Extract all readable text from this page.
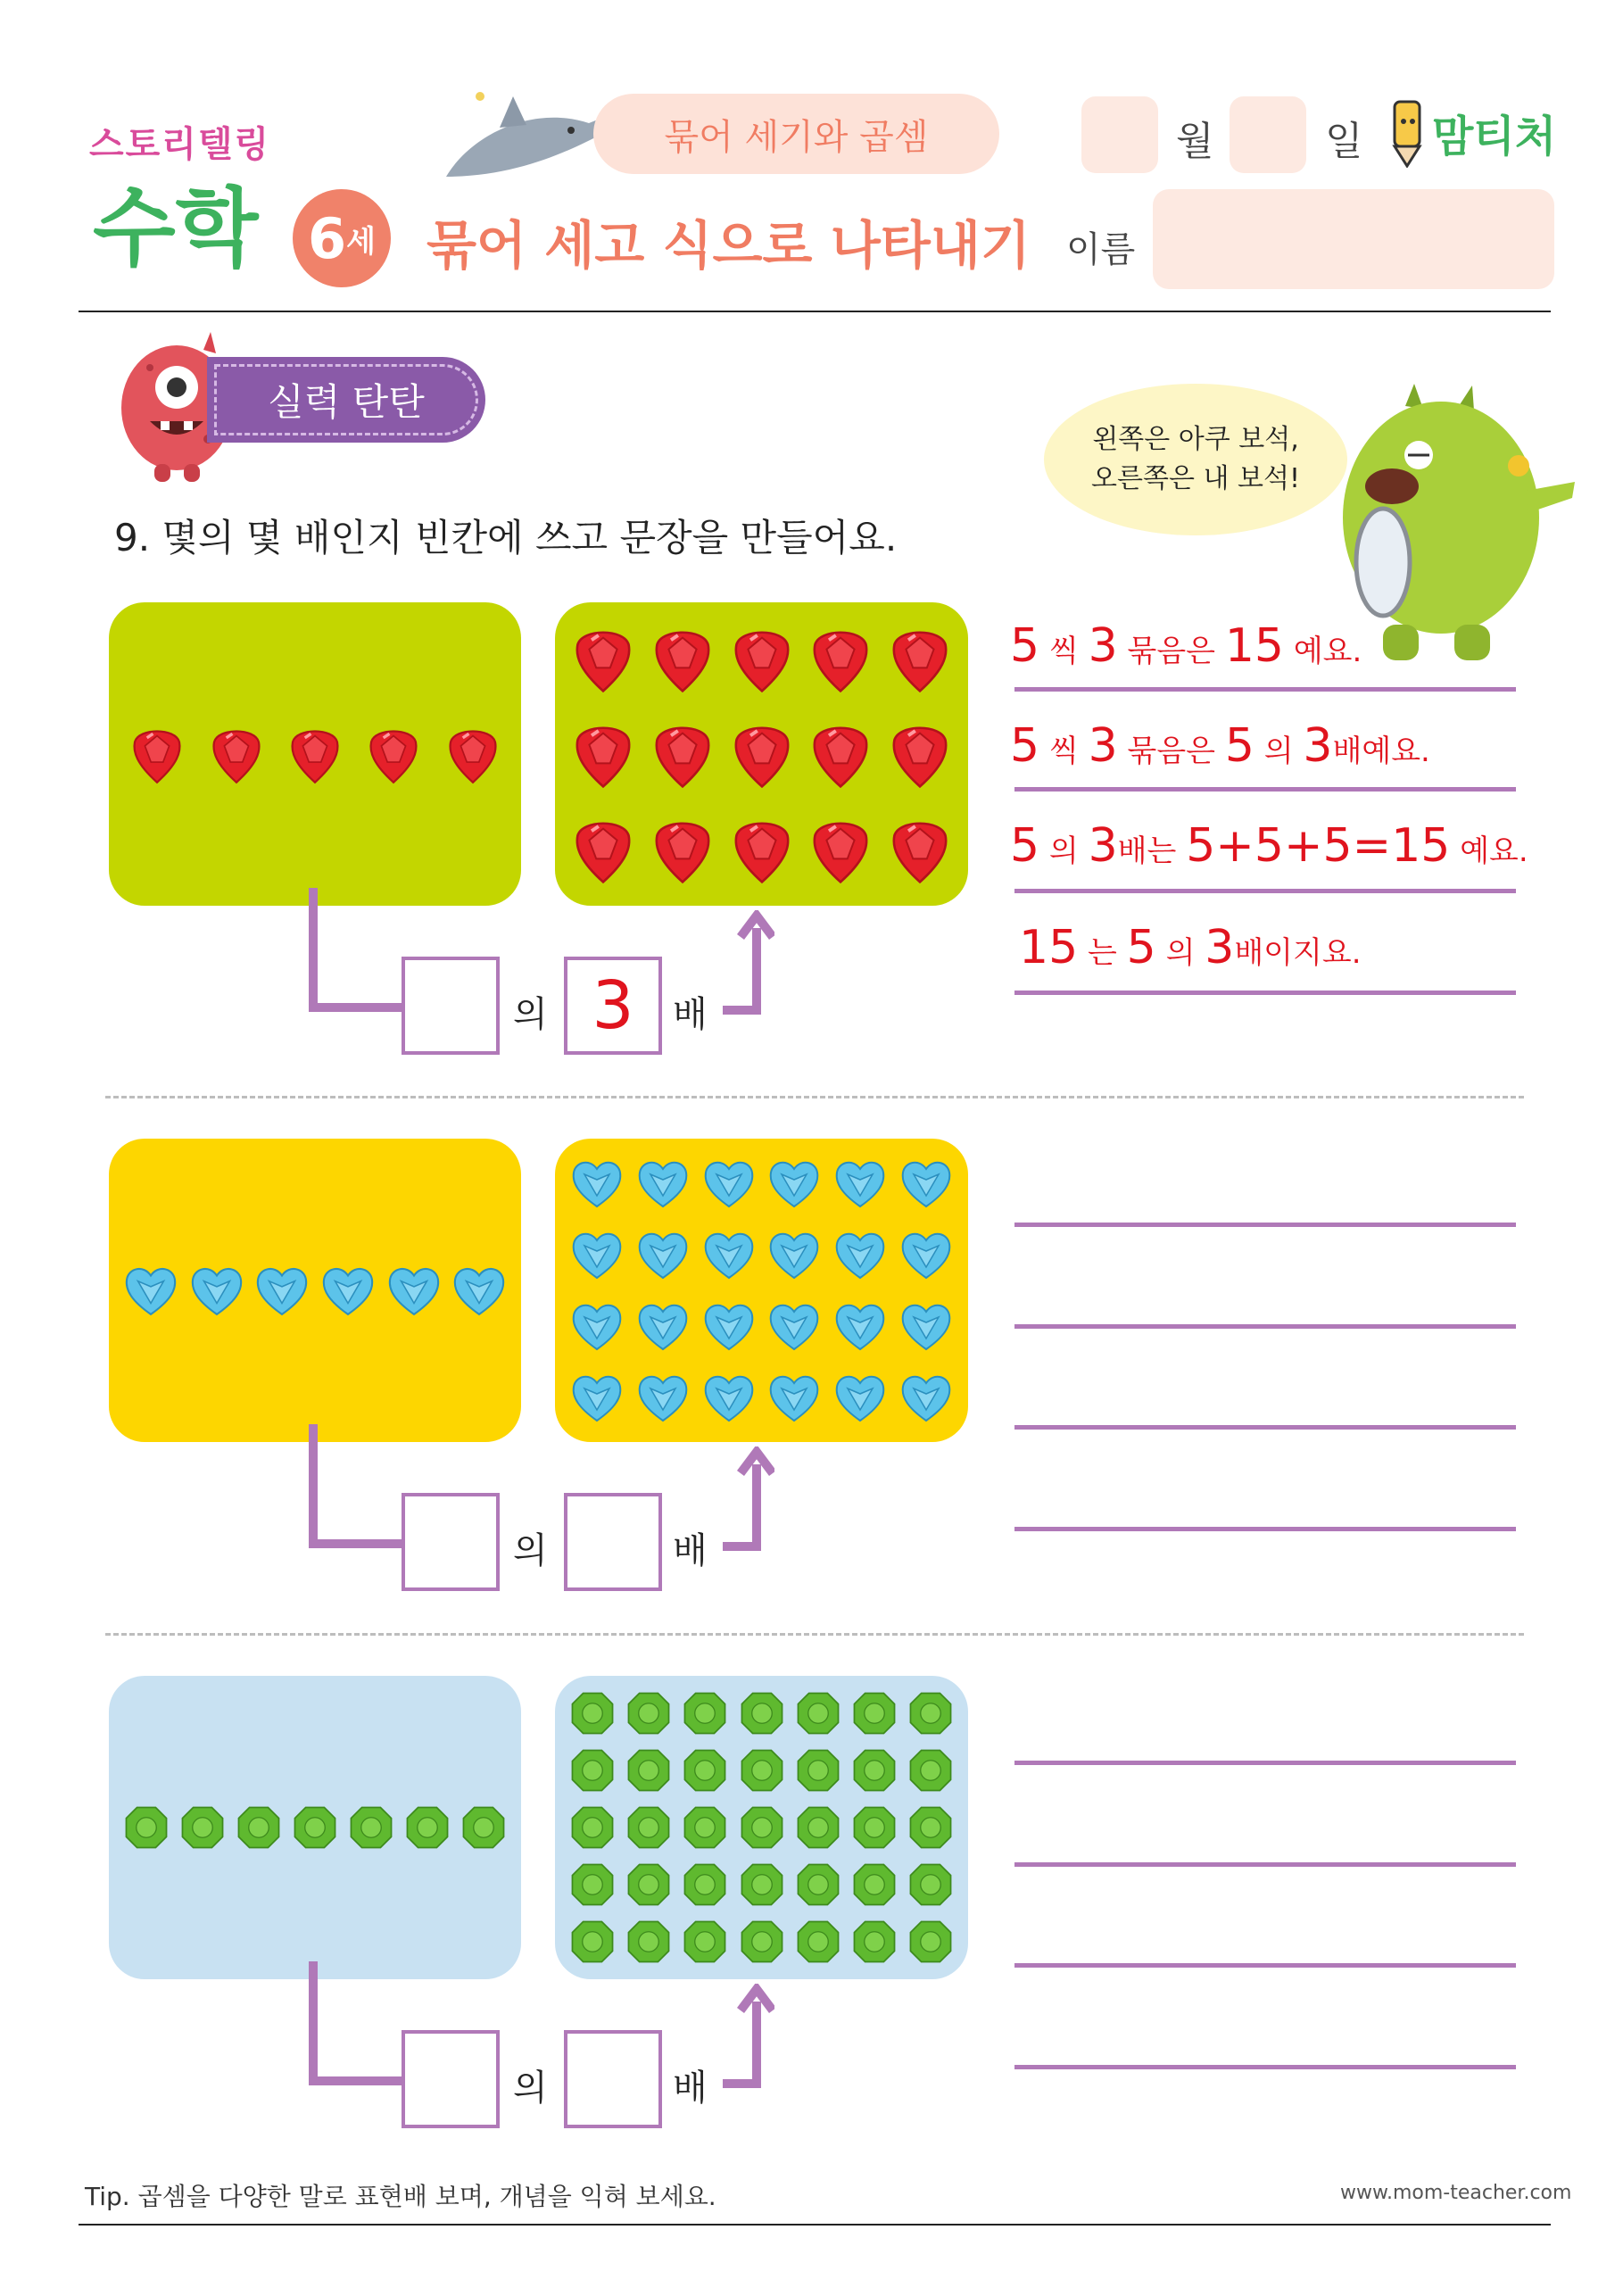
스토리텔링
수학 6 세
묶어 세기와 곱셈
묶어 세고 식으로 나타내기
월	일 맘티처
이름
실력 탄탄
왼쪽은 아쿠 보석,
오른쪽은 내 보석!
9. 몇의 몇 배인지 빈칸에 쓰고 문장을 만들어요.
의 3	배
5 씩 3 묶음은 15 예요.
5 씩 3 묶음은 5 의 3배예요.
5 의 3배는 5+5+5=15 예요.
15 는 5 의 3배이지요.
의	배
의	배
Tip. 곱셈을 다양한 말로 표현배 보며, 개념을 익혀 보세요.	www.mom-teacher.com
